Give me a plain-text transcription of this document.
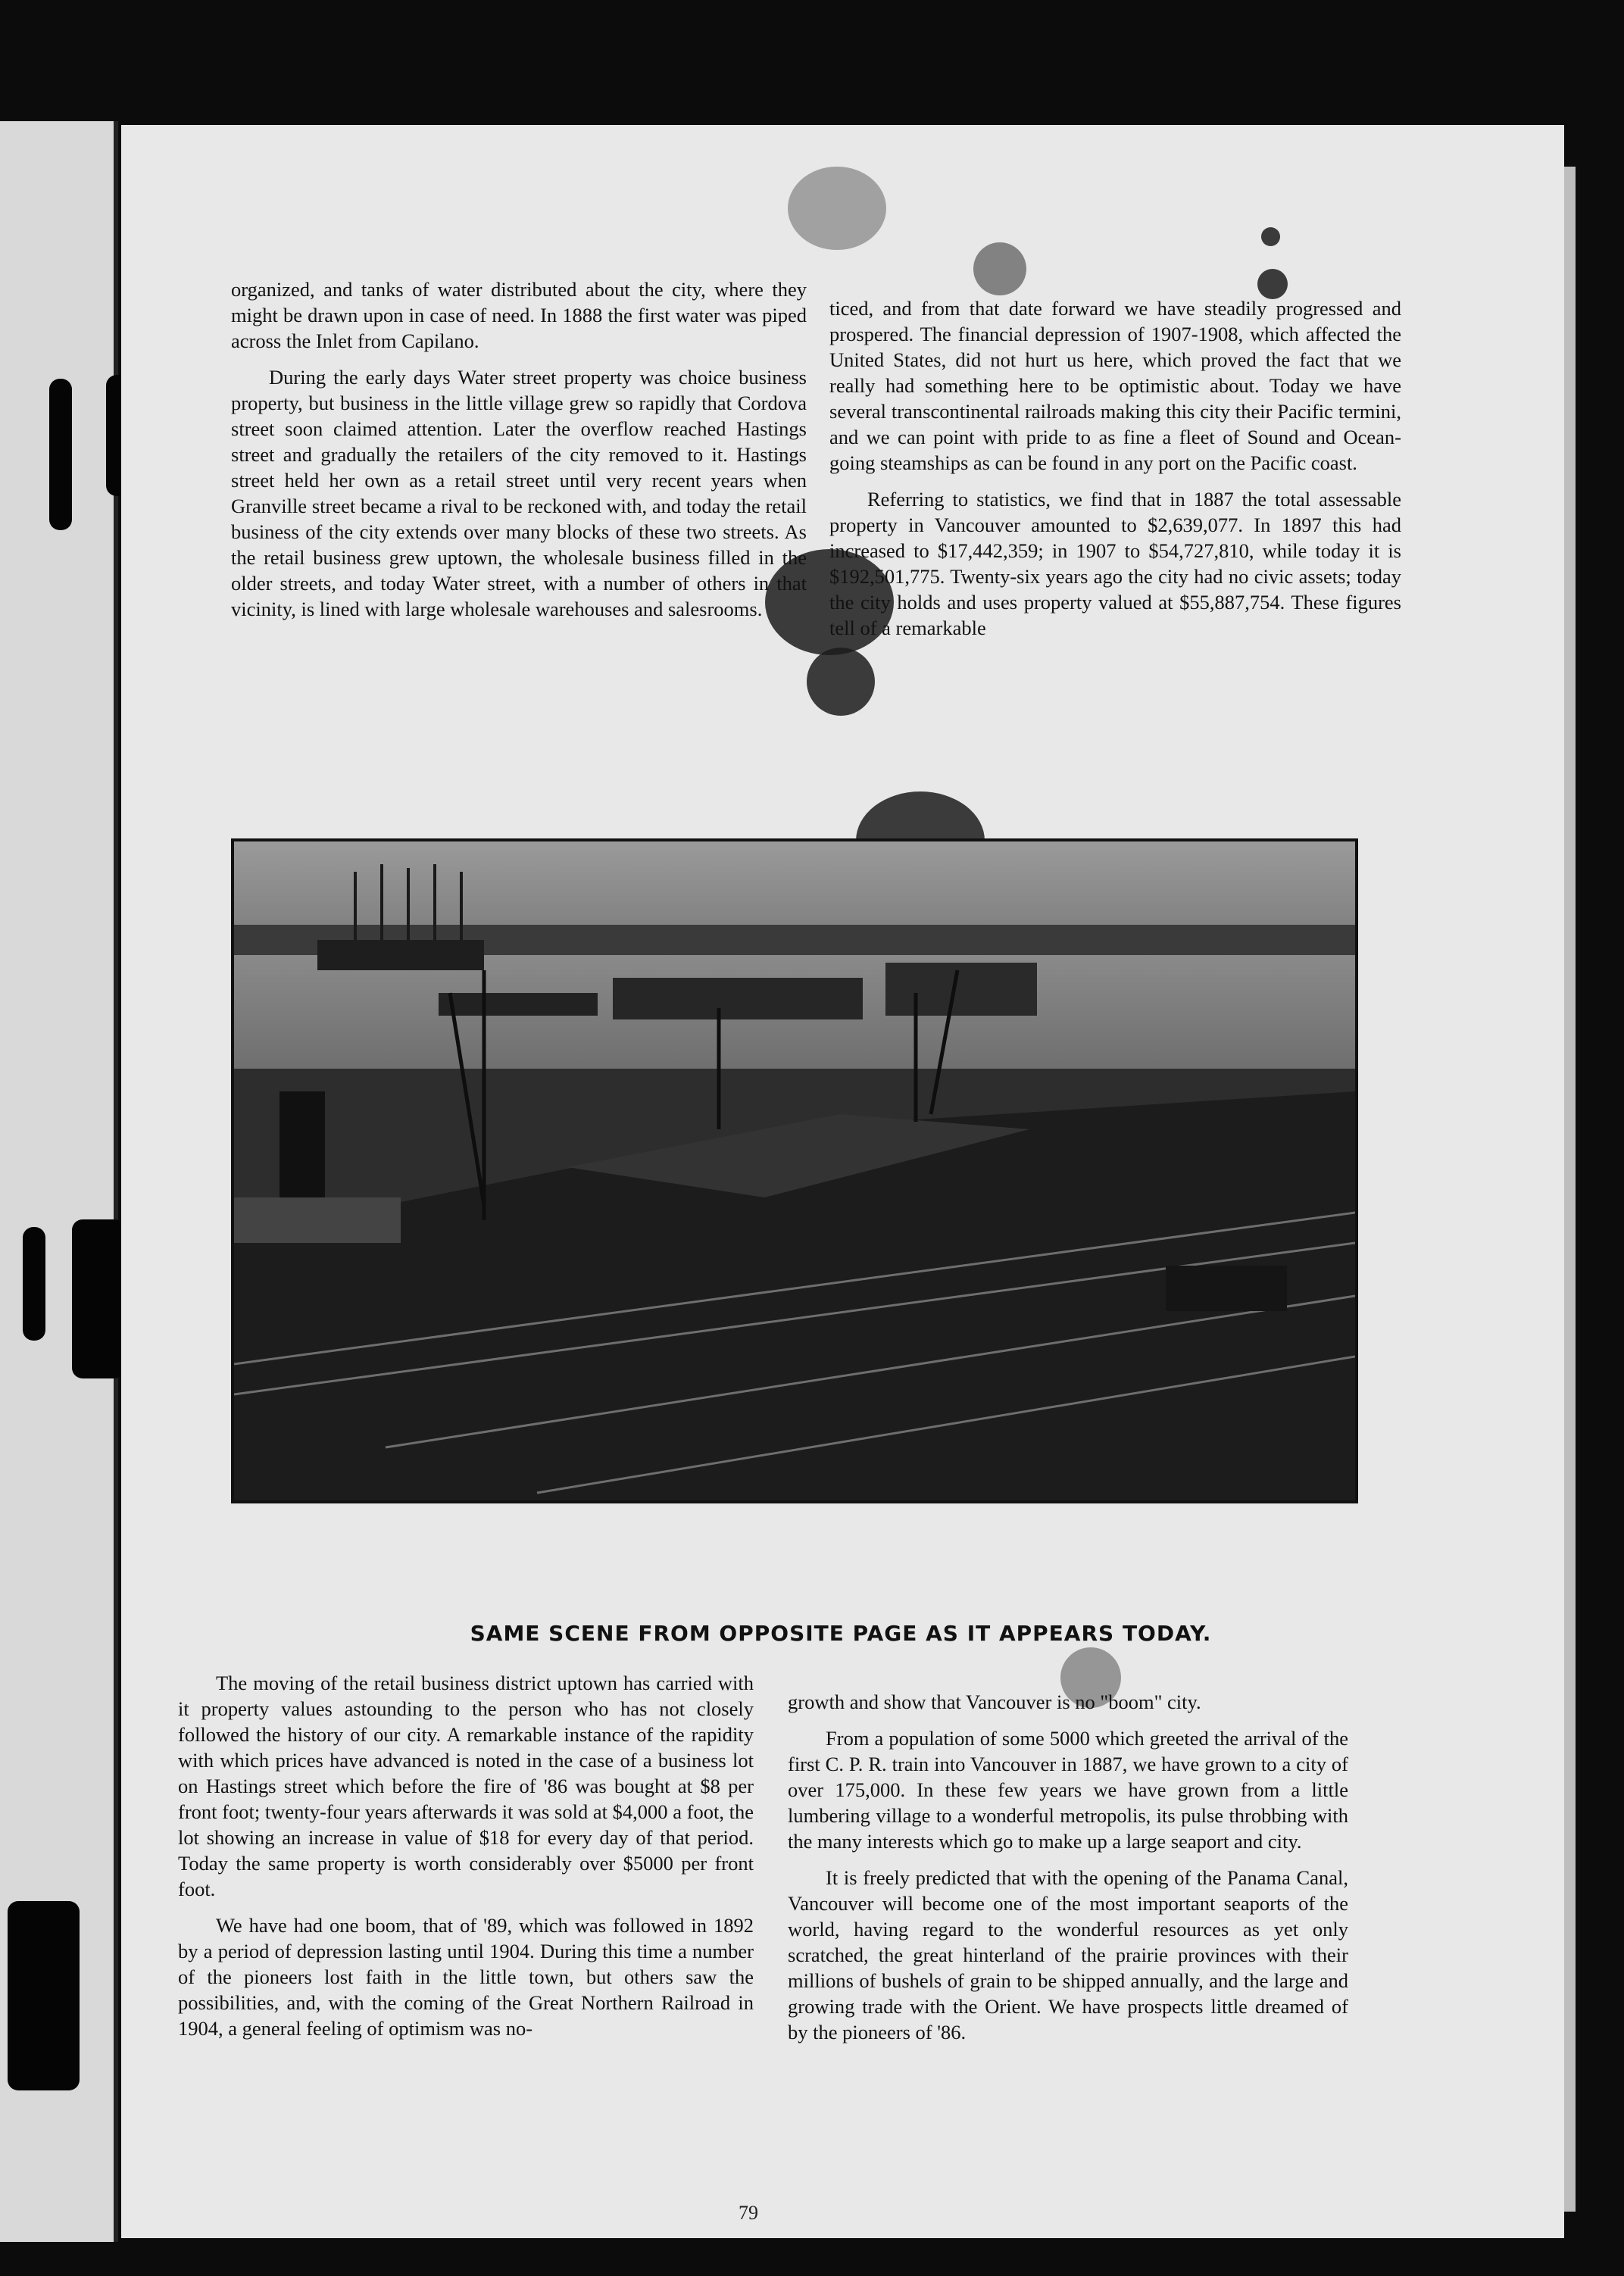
organized, and tanks of water distributed about the city, where they might be drawn upon in case of need. In 1888 the first water was piped across the Inlet from Capilano.

During the early days Water street property was choice business property, but business in the little village grew so rapidly that Cordova street soon claimed attention. Later the overflow reached Hastings street and gradually the retailers of the city removed to it. Hastings street held her own as a retail street until very recent years when Granville street became a rival to be reckoned with, and today the retail business of the city extends over many blocks of these two streets. As the retail business grew uptown, the wholesale business filled in the older streets, and today Water street, with a number of others in that vicinity, is lined with large wholesale warehouses and salesrooms.

ticed, and from that date forward we have steadily progressed and prospered. The financial depression of 1907-1908, which affected the United States, did not hurt us here, which proved the fact that we really had something here to be optimistic about. Today we have several transcontinental railroads making this city their Pacific termini, and we can point with pride to as fine a fleet of Sound and Ocean-going steamships as can be found in any port on the Pacific coast.

Referring to statistics, we find that in 1887 the total assessable property in Vancouver amounted to $2,639,077. In 1897 this had increased to $17,442,359; in 1907 to $54,727,810, while today it is $192,501,775. Twenty-six years ago the city had no civic assets; today the city holds and uses property valued at $55,887,754. These figures tell of a remarkable

SAME SCENE FROM OPPOSITE PAGE AS IT APPEARS TODAY.

The moving of the retail business district uptown has carried with it property values astounding to the person who has not closely followed the history of our city. A remarkable instance of the rapidity with which prices have advanced is noted in the case of a business lot on Hastings street which before the fire of '86 was bought at $8 per front foot; twenty-four years afterwards it was sold at $4,000 a foot, the lot showing an increase in value of $18 for every day of that period. Today the same property is worth considerably over $5000 per front foot.

We have had one boom, that of '89, which was followed in 1892 by a period of depression lasting until 1904. During this time a number of the pioneers lost faith in the little town, but others saw the possibilities, and, with the coming of the Great Northern Railroad in 1904, a general feeling of optimism was no-

growth and show that Vancouver is no "boom" city.

From a population of some 5000 which greeted the arrival of the first C. P. R. train into Vancouver in 1887, we have grown to a city of over 175,000. In these few years we have grown from a little lumbering village to a wonderful metropolis, its pulse throbbing with the many interests which go to make up a large seaport and city.

It is freely predicted that with the opening of the Panama Canal, Vancouver will become one of the most important seaports of the world, having regard to the wonderful resources as yet only scratched, the great hinterland of the prairie provinces with their millions of bushels of grain to be shipped annually, and the large and growing trade with the Orient. We have prospects little dreamed of by the pioneers of '86.

79
